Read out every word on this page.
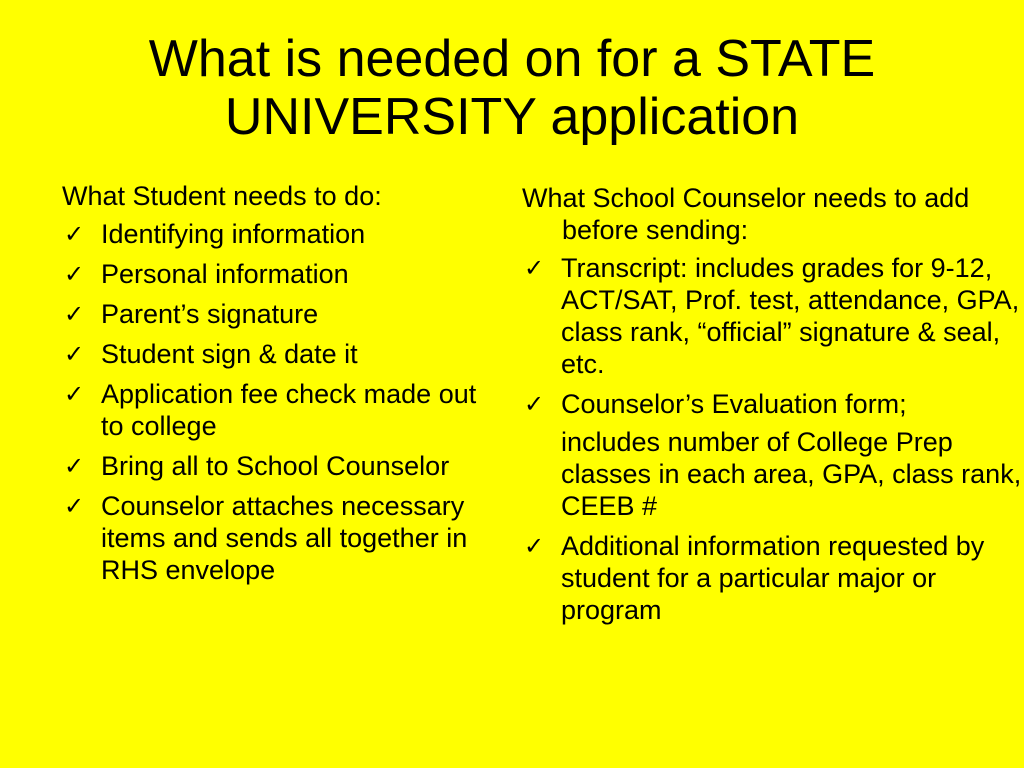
What is needed on for a STATE
UNIVERSITY application
What Student needs to do:
✓ Identifying information
✓ Personal information
✓ Parent’s signature
✓ Student sign & date it
✓ Application fee check made out to college
✓ Bring all to School Counselor
✓ Counselor attaches necessary items and sends all together in RHS envelope
What School Counselor needs to add before sending:
✓ Transcript: includes grades for 9-12, ACT/SAT, Prof. test, attendance, GPA, class rank, “official” signature & seal, etc.
✓ Counselor’s Evaluation form;
includes number of College Prep classes in each area, GPA, class rank, CEEB #
✓ Additional information requested by student for a particular major or program
